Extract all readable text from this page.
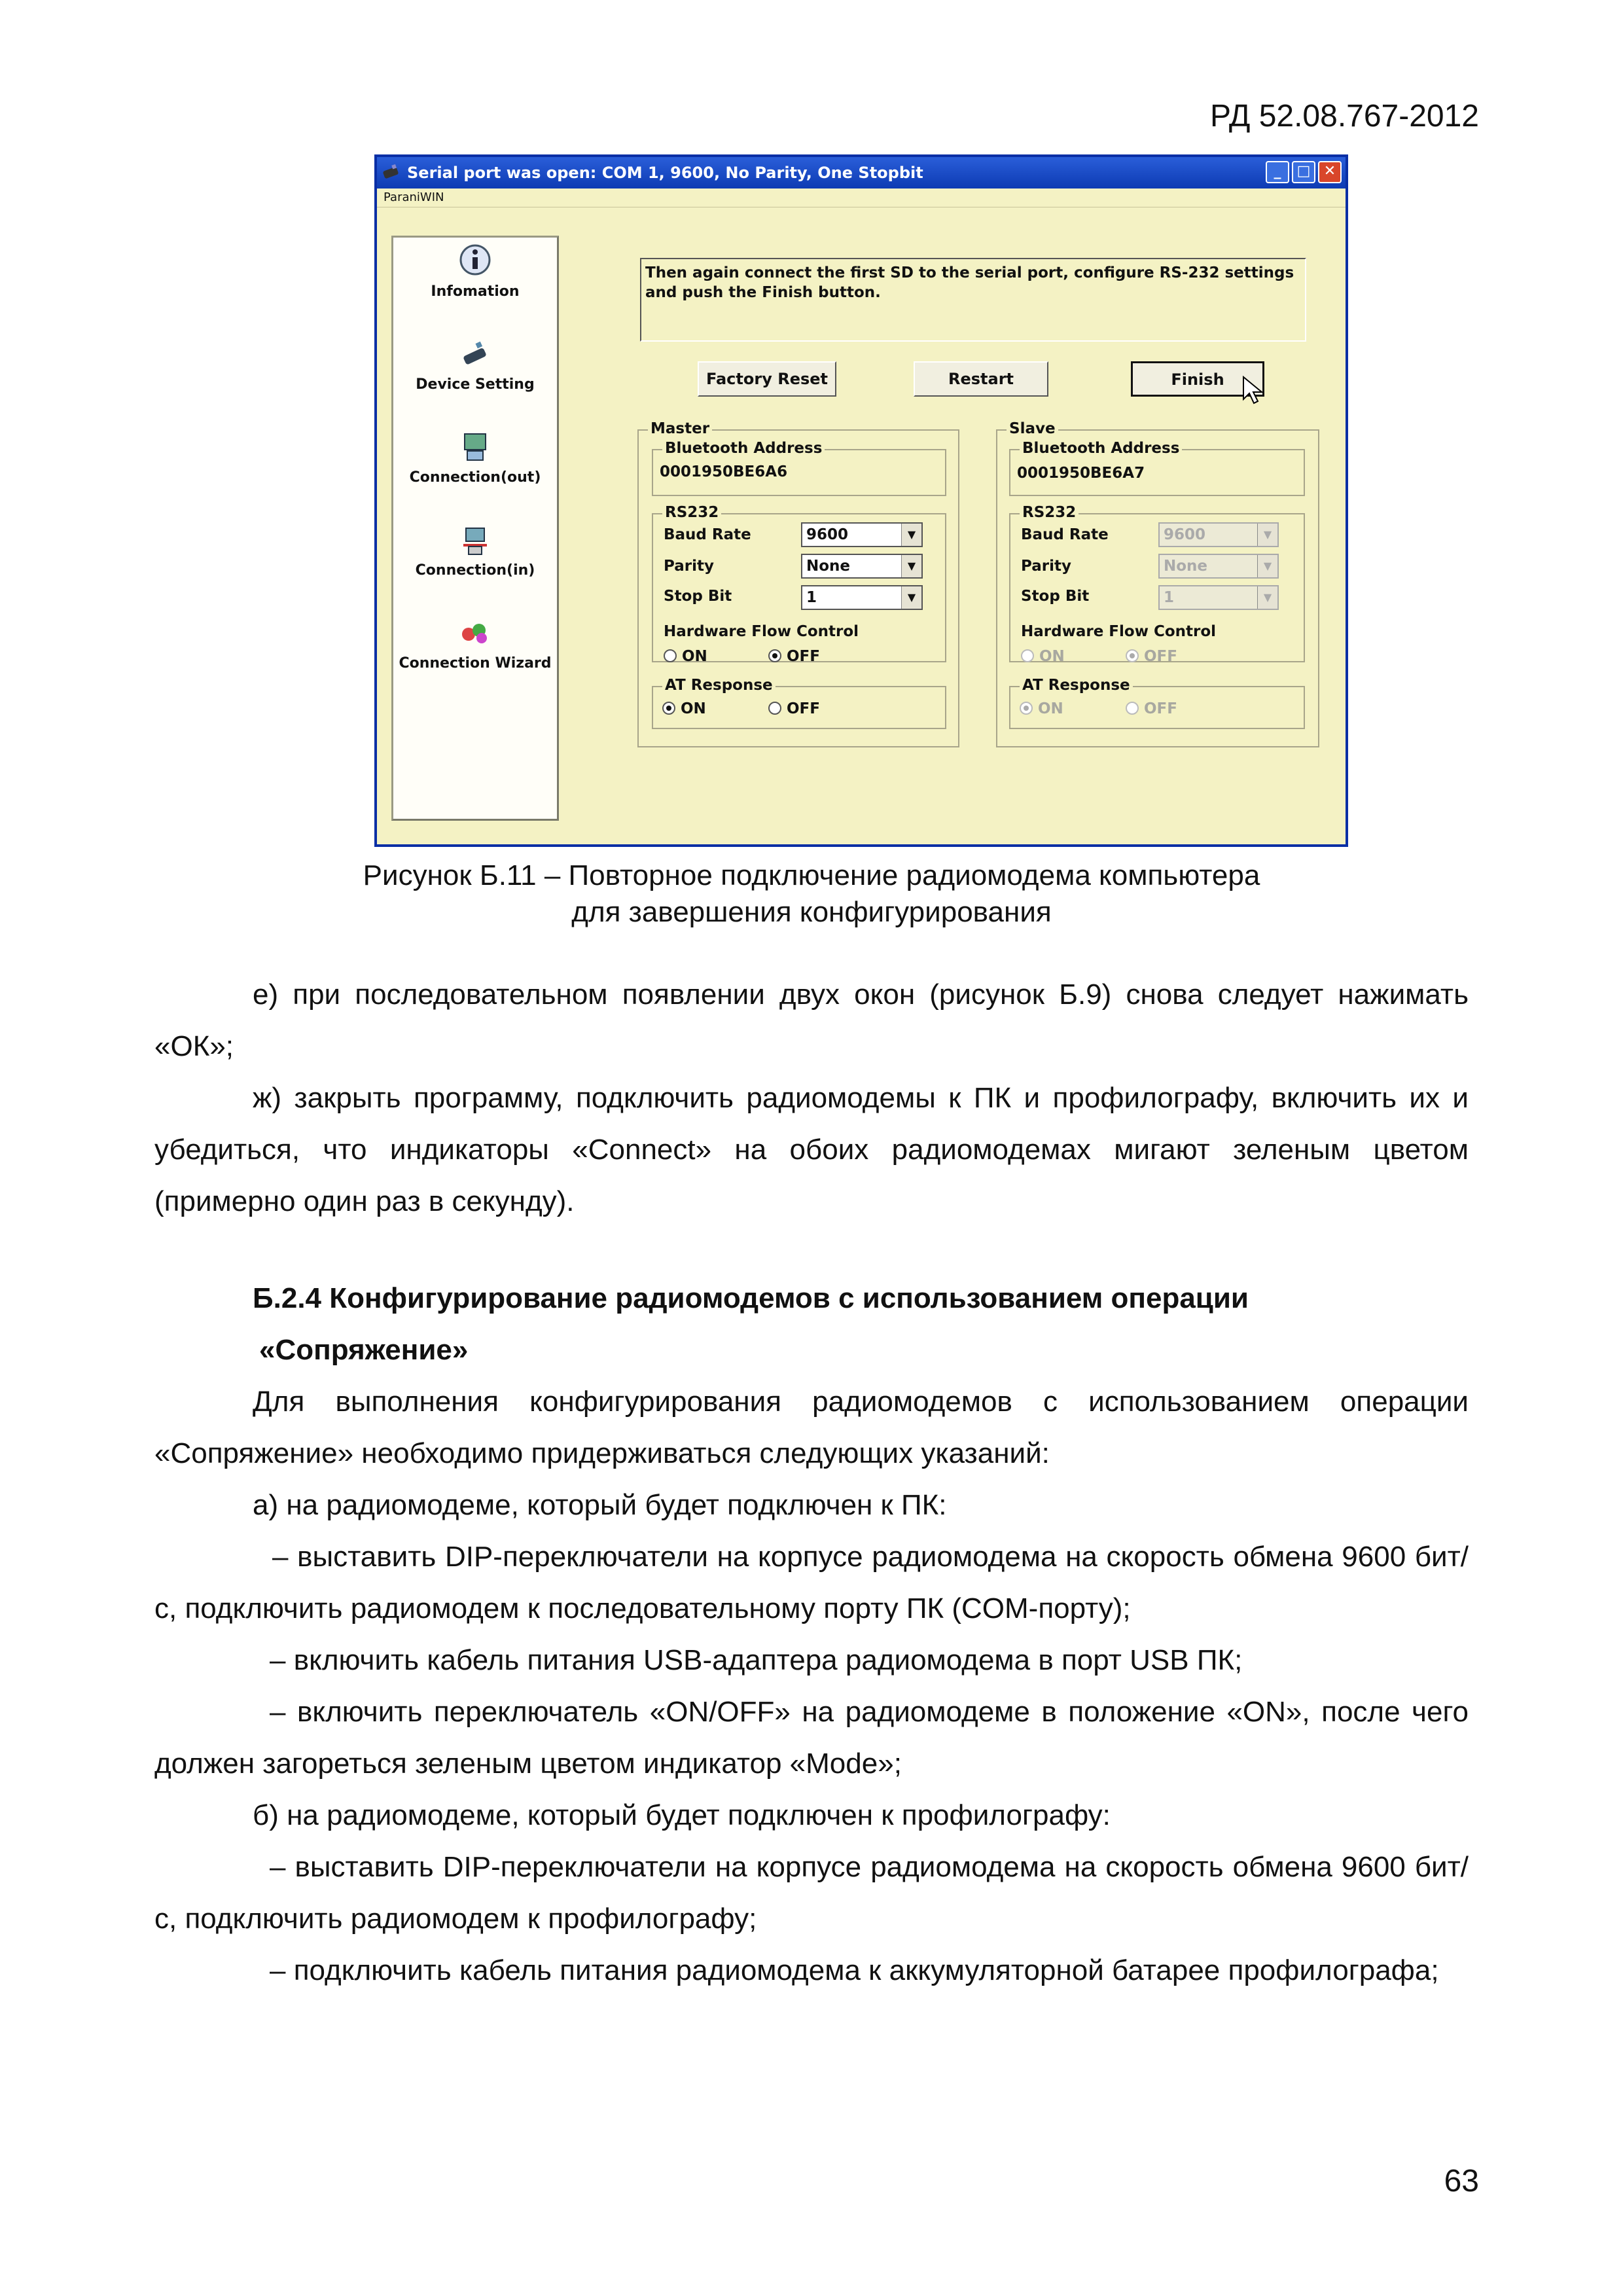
РД 52.08.767-2012
Serial port was open: COM 1, 9600, No Parity, One Stopbit	_	□ ✕
ParaniWIN
Infomation
Device Setting
Connection(out)
Connection(in)
Connection Wizard
Then again connect the first SD to the serial port, configure RS-232 settings
and push the Finish button.
Factory Reset	Restart	Finish
Master
Bluetooth Address
0001950BE6A6
RS232
Baud Rate	9600	▼
Parity	None	▼
Stop Bit	1	▼
Hardware Flow Control
ON	OFF
AT Response
ON	OFF
Slave
Bluetooth Address
0001950BE6A7
RS232
Baud Rate	9600	▼
Parity	None	▼
Stop Bit	1	▼
Hardware Flow Control
ON	OFF
AT Response
ON	OFF
Рисунок Б.11 – Повторное подключение радиомодема компьютера
для завершения конфигурирования
е) при последовательном появлении двух окон (рисунок Б.9) снова следует нажимать «ОК»;
ж) закрыть программу, подключить радиомодемы к ПК и профилографу, включить их и убедиться, что индикаторы «Connect» на обоих радиомодемах мигают зеленым цветом (примерно один раз в секунду).
Б.2.4 Конфигурирование радиомодемов с использованием операции
«Сопряжение»
Для выполнения конфигурирования радиомодемов с использованием операции «Сопряжение» необходимо придерживаться следующих указаний:
а) на радиомодеме, который будет подключен к ПК:
– выставить DIP-переключатели на корпусе радиомодема на скорость обмена 9600 бит/с, подключить радиомодем к последовательному порту ПК (COM-порту);
– включить кабель питания USB-адаптера радиомодема в порт USB ПК;
– включить переключатель «ON/OFF» на радиомодеме в положение «ON», после чего должен загореться зеленым цветом индикатор «Mode»;
б) на радиомодеме, который будет подключен к профилографу:
– выставить DIP-переключатели на корпусе радиомодема на скорость обмена 9600 бит/с, подключить радиомодем к профилографу;
– подключить кабель питания радиомодема к аккумуляторной батарее профилографа;
63
